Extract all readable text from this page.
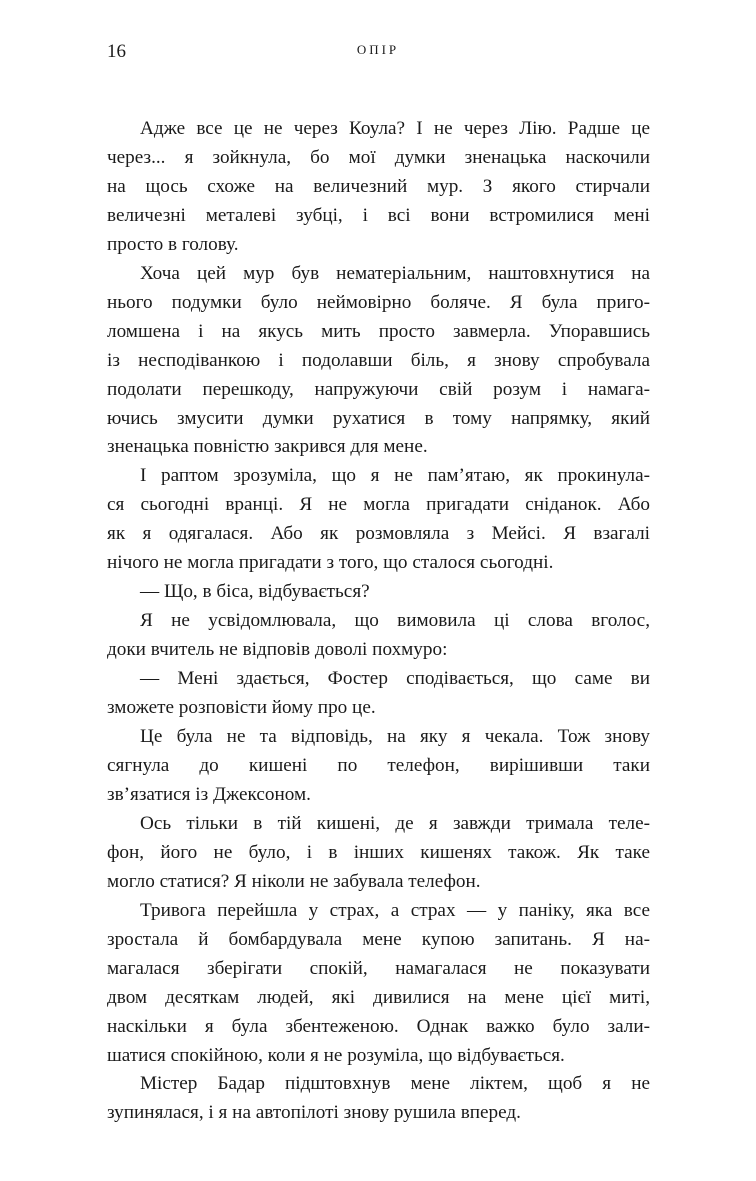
16	ОПІР
Адже все це не через Коула? І не через Лію. Радше це
через... я зойкнула, бо мої думки зненацька наскочили
на щось схоже на величезний мур. З якого стирчали
величезні металеві зубці, і всі вони встромилися мені
просто в голову.
Хоча цей мур був нематеріальним, наштовхнутися на
нього подумки було неймовірно боляче. Я була приго-
ломшена і на якусь мить просто завмерла. Упоравшись
із несподіванкою і подолавши біль, я знову спробувала
подолати перешкоду, напружуючи свій розум і намага-
ючись змусити думки рухатися в тому напрямку, який
зненацька повністю закрився для мене.
І раптом зрозуміла, що я не пам’ятаю, як прокинула-
ся сьогодні вранці. Я не могла пригадати сніданок. Або
як я одягалася. Або як розмовляла з Мейсі. Я взагалі
нічого не могла пригадати з того, що сталося сьогодні.
— Що, в біса, відбувається?
Я не усвідомлювала, що вимовила ці слова вголос,
доки вчитель не відповів доволі похмуро:
— Мені здається, Фостер сподівається, що саме ви
зможете розповісти йому про це.
Це була не та відповідь, на яку я чекала. Тож знову
сягнула до кишені по телефон, вирішивши таки
зв’язатися із Джексоном.
Ось тільки в тій кишені, де я завжди тримала теле-
фон, його не було, і в інших кишенях також. Як таке
могло статися? Я ніколи не забувала телефон.
Тривога перейшла у страх, а страх — у паніку, яка все
зростала й бомбардувала мене купою запитань. Я на-
магалася зберігати спокій, намагалася не показувати
двом десяткам людей, які дивилися на мене цієї миті,
наскільки я була збентеженою. Однак важко було зали-
шатися спокійною, коли я не розуміла, що відбувається.
Містер Бадар підштовхнув мене ліктем, щоб я не
зупинялася, і я на автопілоті знову рушила вперед.
